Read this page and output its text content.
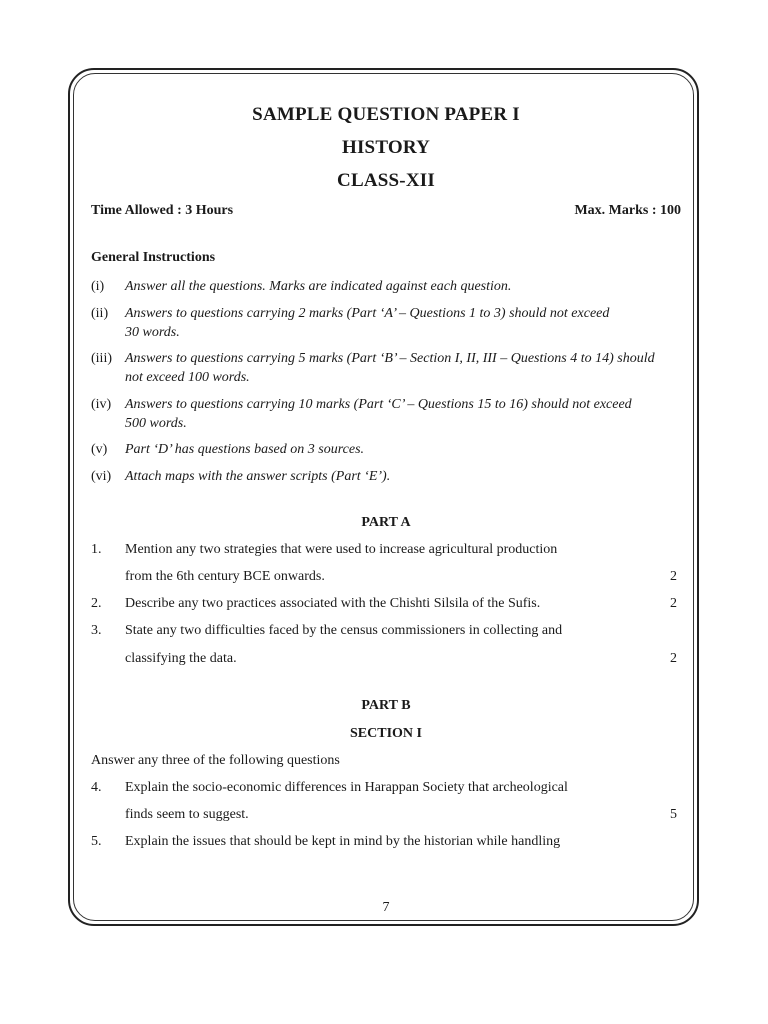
SAMPLE QUESTION PAPER I
HISTORY
CLASS-XII
Time Allowed : 3 Hours	Max. Marks : 100
General Instructions
(i) Answer all the questions. Marks are indicated against each question.
(ii) Answers to questions carrying 2 marks (Part ‘A’ – Questions 1 to 3) should not exceed
30 words.
(iii) Answers to questions carrying 5 marks (Part ‘B’ – Section I, II, III – Questions 4 to 14) should
not exceed 100 words.
(iv) Answers to questions carrying 10 marks (Part ‘C’ – Questions 15 to 16) should not exceed
500 words.
(v) Part ‘D’ has questions based on 3 sources.
(vi) Attach maps with the answer scripts (Part ‘E’).
PART A
1. Mention any two strategies that were used to increase agricultural production
from the 6th century BCE onwards.	2
2. Describe any two practices associated with the Chishti Silsila of the Sufis.	2
3. State any two difficulties faced by the census commissioners in collecting and
classifying the data.	2
PART B
SECTION I
Answer any three of the following questions
4. Explain the socio-economic differences in Harappan Society that archeological
finds seem to suggest.	5
5. Explain the issues that should be kept in mind by the historian while handling
7
